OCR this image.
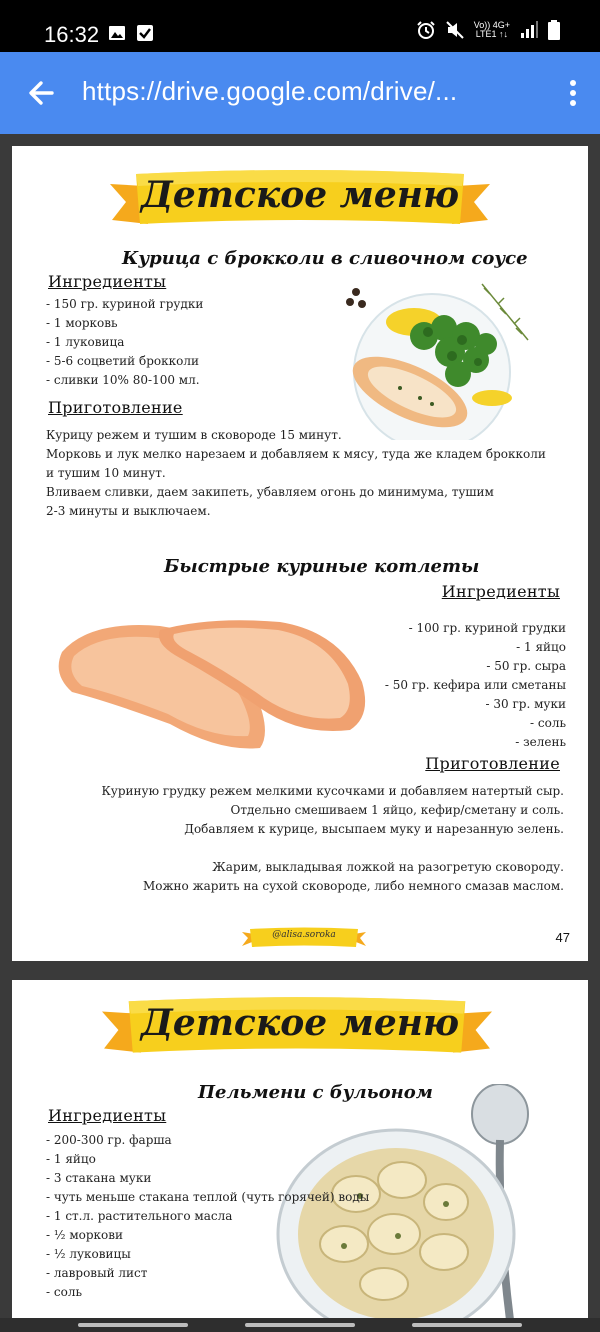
16:32	Vo)) 4G+
LTE1 ↑↓
https://drive.google.com/drive/...
Детское меню
Курица с брокколи в сливочном соусе
Ингредиенты
- 150 гр. куриной грудки
- 1 морковь
- 1 луковица
- 5-6 соцветий брокколи
- сливки 10% 80-100 мл.
Приготовление
Курицу режем и тушим в сковороде 15 минут.
Морковь и лук мелко нарезаем и добавляем к мясу, туда же кладем брокколи
и тушим 10 минут.
Вливаем сливки, даем закипеть, убавляем огонь до минимума, тушим
2-3 минуты и выключаем.
Быстрые куриные котлеты
Ингредиенты
- 100 гр. куриной грудки
- 1 яйцо
- 50 гр. сыра
- 50 гр. кефира или сметаны
- 30 гр. муки
- соль
- зелень
Приготовление
Куриную грудку режем мелкими кусочками и добавляем натертый сыр.
Отдельно смешиваем 1 яйцо, кефир/сметану и соль.
Добавляем к курице, высыпаем муку и нарезанную зелень.
Жарим, выкладывая ложкой на разогретую сковороду.
Можно жарить на сухой сковороде, либо немного смазав маслом.
@alisa.soroka	47
Детское меню
Пельмени с бульоном
Ингредиенты
- 200-300 гр. фарша
- 1 яйцо
- 3 стакана муки
- чуть меньше стакана теплой (чуть горячей) воды
- 1 ст.л. растительного масла
- ½ моркови
- ½ луковицы
- лавровый лист
- соль
